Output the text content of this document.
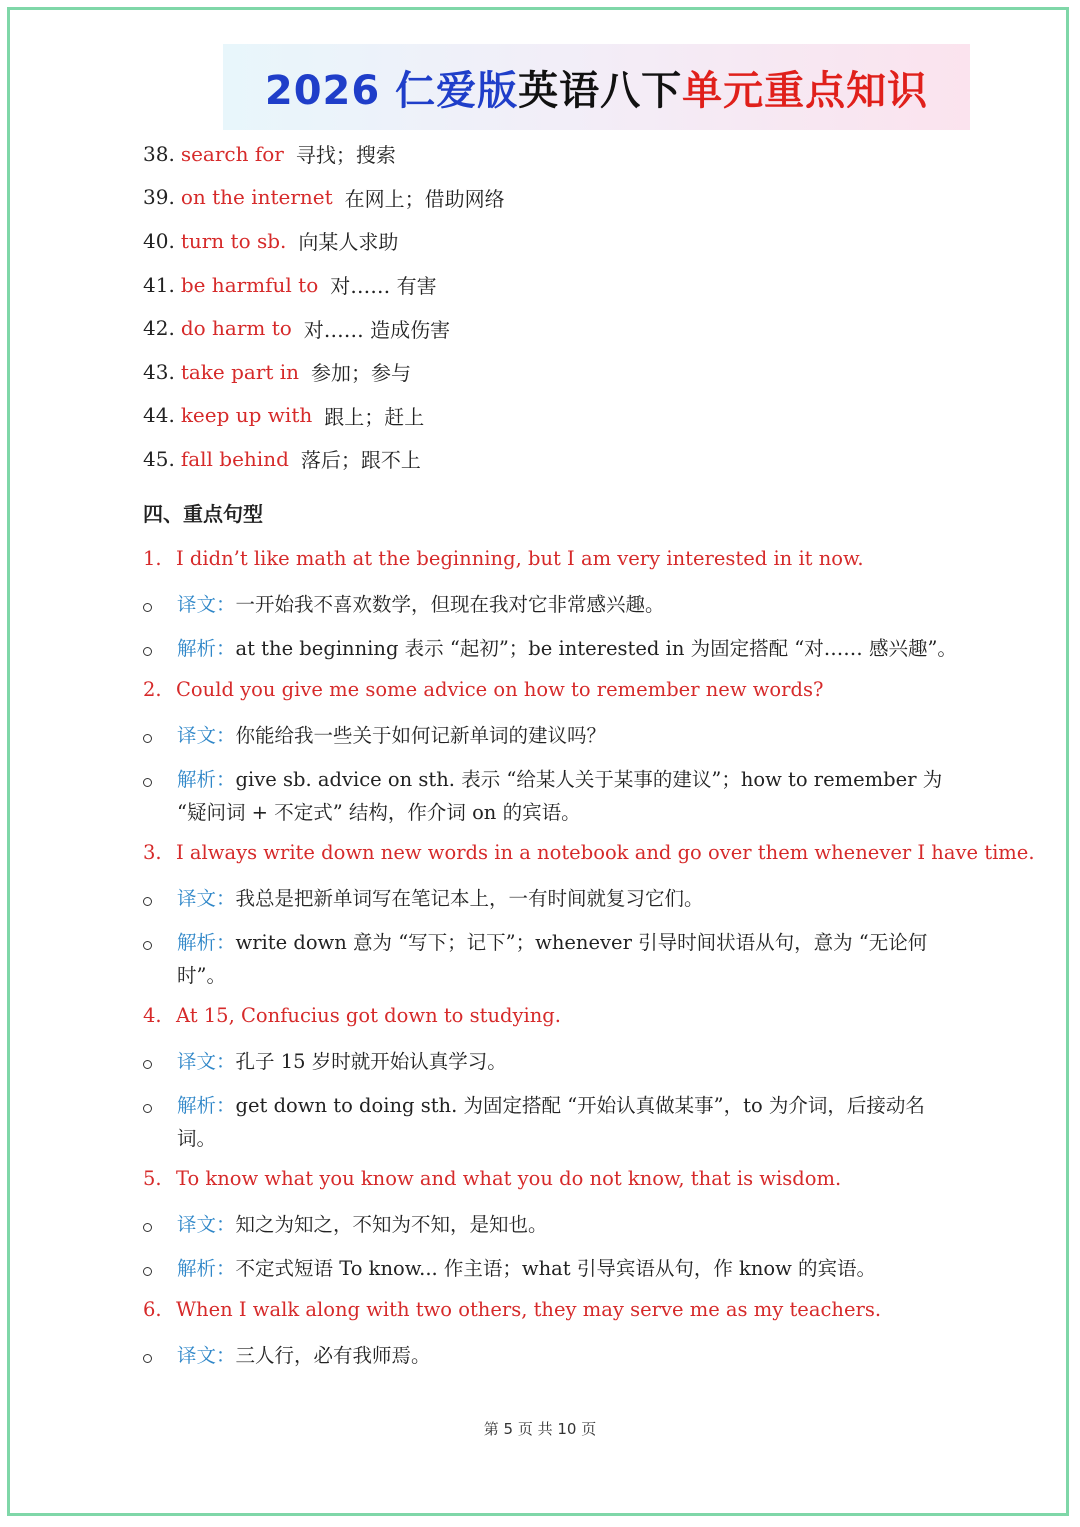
2026 仁爱版 英语八下 单元重点知识
38. search for 寻找；搜索
39. on the internet 在网上；借助网络
40. turn to sb. 向某人求助
41. be harmful to 对…… 有害
42. do harm to 对…… 造成伤害
43. take part in 参加；参与
44. keep up with 跟上；赶上
45. fall behind 落后；跟不上
四、重点句型
1. I didn’t like math at the beginning, but I am very interested in it now.
译文：一开始我不喜欢数学，但现在我对它非常感兴趣。
解析：at the beginning 表示 “起初”；be interested in 为固定搭配 “对…… 感兴趣”。
2. Could you give me some advice on how to remember new words?
译文：你能给我一些关于如何记新单词的建议吗？
解析：give sb. advice on sth. 表示 “给某人关于某事的建议”；how to remember 为 “疑问词 + 不定式” 结构，作介词 on 的宾语。
3. I always write down new words in a notebook and go over them whenever I have time.
译文：我总是把新单词写在笔记本上，一有时间就复习它们。
解析：write down 意为 “写下；记下”；whenever 引导时间状语从句，意为 “无论何时”。
4. At 15, Confucius got down to studying.
译文：孔子 15 岁时就开始认真学习。
解析：get down to doing sth. 为固定搭配 “开始认真做某事”，to 为介词，后接动名词。
5. To know what you know and what you do not know, that is wisdom.
译文：知之为知之，不知为不知，是知也。
解析：不定式短语 To know... 作主语；what 引导宾语从句，作 know 的宾语。
6. When I walk along with two others, they may serve me as my teachers.
译文：三人行，必有我师焉。
第 5 页 共 10 页
